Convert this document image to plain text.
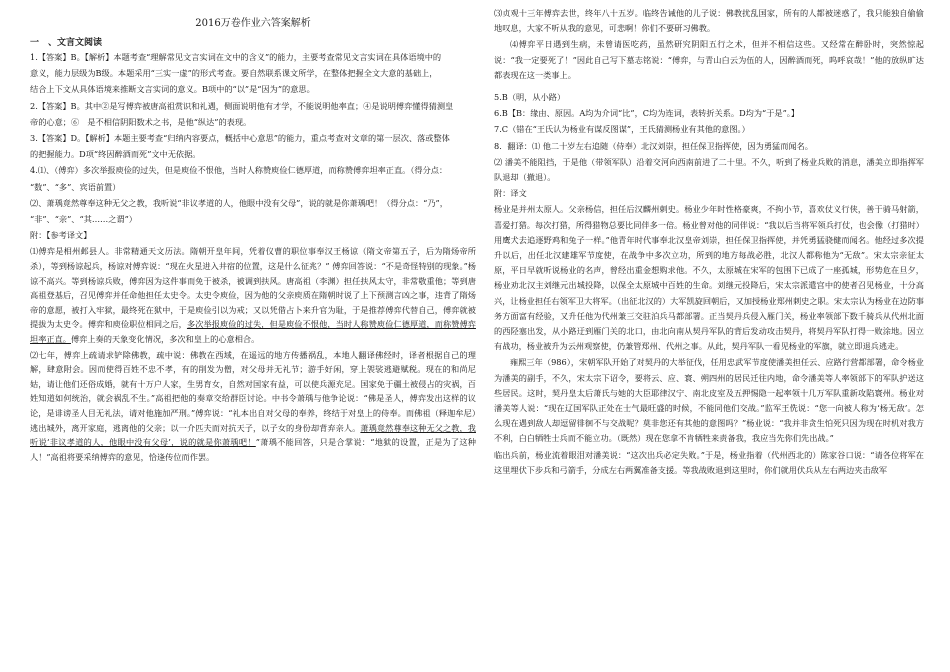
2016万卷作业六答案解析
一　、文言文阅读

1.【答案】B。【解析】本题考查“理解常见文言实词在文中的含义”的能力，主要考查常见文言实词在具体语境中的

意义，能力层级为B级。本题采用“三实一虚”的形式考查。要自然联系课文所学，在整体把握全文大意的基础上，

结合上下文从具体语境来推断文言实词的意义。B项中的“以”是“因为”的意思。

2.【答案】B。其中②是写傅弈被唐高祖赏识和礼遇，侧面说明他有才学，不能说明他率直；④是说明傅弈懂得猜测皇

帝的心意；⑥　是不相信阴阳数术之书，是他“纵达”的表现。

3.【答案】D。【解析】本题主要考查“归纳内容要点，概括中心意思”的能力，重点考查对文章的第一层次、落或整体

的把握能力。D项“终因醉酒而死”文中无依据。

4.⑴、（傅弈）多次举报庾俭的过失，但是庾俭不恨他，当时人称赞庾俭仁德厚道，而称赞傅弈坦率正直。（得分点：

“数”、“多”、宾语前置）

⑵、萧瑀竟然尊奉这种无父之教，我听说“非议孝道的人，他眼中没有父母”，说的就是你萧瑀吧！（得分点：“乃”，

“非”、“亲”、“其……之谓”）

附：【参考译文】

⑴傅弈是相州邺县人。非常精通天文历法。隋朝开皇年间，凭着仪曹的职位事奉汉王杨谅（隋文帝第五子，后为隋炀帝所杀），等到杨谅起兵，杨谅对傅弈说：“现在火星进入井宿的位置，这是什么征兆？” 傅弈回答说：“不是奇怪特别的现象。”杨谅不高兴。等到杨谅兵败，傅弈因为这件事而免于被杀，被调到扶风。唐高祖（李渊）担任扶风太守，非常敬重他；等到唐高祖登基后，召见傅弈并任命他担任太史令。太史令庾俭，因为他的父亲庾质在隋朝时说了上下预测言凶之事，违背了隋炀帝的意愿，被打入牢狱，最终死在狱中，于是庾俭引以为戒；又以凭借占卜来升官为耻，于是推荐傅弈代替自己，傅弈就被提拔为太史令。傅弈和庾俭职位相同之后，多次举报庾俭的过失，但是庾俭不恨他，当时人称赞庾俭仁德厚道，而称赞傅弈坦率正直。傅弈上奏的天象变化情况，多次和皇上的心意相合。

⑵七年，傅弈上疏请求铲除佛教，疏中说：佛教在西域，在遥远的地方传播祸乱，本地人翻译佛经时，译者根据自己的理解，肆意附会。因而使得百姓不忠不孝，有的削发为僧，对父母并无礼节；游手好闲，穿上袈裟逃避赋税。现在的和尚尼姑，请让他们还俗成婚，就有十万户人家，生男育女，自然对国家有益，可以使兵源充足。国家免于疆土被侵占的灾祸，百姓知道如何统治，就会祸乱不生。”高祖把他的奏章交给群臣讨论。中书令萧瑀与他争论说：“佛是圣人，傅弈发出这样的议论，是诽谤圣人目无礼法，请对他施加严刑。”傅弈说：“礼本出自对父母的奉养，终结于对皇上的侍奉。而佛祖（释迦牟尼）逃出城外，离开家庭，逃离他的父亲；以一介匹夫而对抗天子，以子女的身份却背弃亲人。萧瑀竟然尊奉这种无父之教，我听说‘非议孝道的人，他眼中没有父母’，说的就是你萧瑀吧！”萧瑀不能回答，只是合掌说：“地狱的设置，正是为了这种人！”高祖将要采纳傅弈的意见，恰逢传位而作罢。

⑶贞观十三年傅弈去世，终年八十五岁。临终告诫他的儿子说：佛教扰乱国家，所有的人都被迷惑了，我只能独自偷偷地叹息，大家不听从我的意见，可悲啊！你们不要研习佛教。

⑷傅弈平日遇到生病，未曾请医吃药，虽然研究阴阳五行之术，但并不相信这些。又经常在醉卧时，突然惊起说：“我一定要死了！”因此自己写下墓志铭说：“傅弈，与青山白云为伍的人，因醉酒而死，呜呼哀哉！”他的放纵旷达都表现在这一类事上。

5.B（明，从小路）

6.B【B：缘由、原因。A均为介词“比”，C均为连词，表转折关系。D均为“于是”。】

7.C（错在“王氏认为杨业有谋反图谋”，王氏猜测杨业有其他的意图。）

8．翻译：⑴ 他二十岁左右追随（侍奉）北汉刘崇，担任保卫指挥使，因为勇猛而闻名。

⑵ 潘美不能阻挡，于是他（带领军队）沿着交河向西南前进了二十里。不久，听到了杨业兵败的消息，潘美立即指挥军队退却（撤退）。

附：译文

杨业是并州太原人。父亲杨信，担任后汉麟州刺史。杨业少年时性格豪爽，不拘小节，喜欢仗义行侠，善于骑马射箭，喜爱打猎。每次打猎，所得猎物总要比同伴多一倍。杨业曾对他的同伴说：“我以后当将军领兵打仗，也会像（打猎时）用鹰犬去追逐野鸡和兔子一样。”他青年时代事奉北汉皇帝刘崇，担任保卫指挥使，并凭勇猛骁健而闻名。他经过多次提升以后，出任北汉建雄军节度使，在战争中多次立功，所到的地方每战必胜，北汉人都称他为“无敌”。宋太宗亲征太原，平日早就听说杨业的名声，曾经出重金想购求他。不久，太原城在宋军的包围下已成了一座孤城，形势危在旦夕，杨业劝北汉主刘继元出城投降，以保全太原城中百姓的生命。刘继元投降后，宋太宗派遣宫中的使者召见杨业，十分高兴，让杨业担任右领军卫大将军。（出征北汉的）大军凯旋回朝后，又加授杨业郑州刺史之职。宋太宗认为杨业在边防事务方面富有经验，又升任他为代州兼三交驻泊兵马都部署。正当契丹兵侵入雁门关，杨业率领部下数千骑兵从代州北面的西陉塞出发，从小路迂到雁门关的北口，由北向南从契丹军队的背后发动攻击契丹，将契丹军队打得一败涂地。因立有战功，杨业被升为云州观察使，仍兼管郑州、代州之事。从此，契丹军队一看见杨业的军旗，就立即退兵逃走。

雍熙三年（986），宋朝军队开始了对契丹的大举征伐，任用忠武军节度使潘美担任云、应路行营都部署，命令杨业为潘美的副手，不久，宋太宗下诏令，要将云、应、寰、朔四州的居民迁往内地，命令潘美等人率领部下的军队护送这些居民。这时，契丹皇太后萧氏与她的大臣耶律汉宁、南北皮室及五押惕隐一起率领十几万军队重新攻陷寰州。杨业对潘美等人说：“现在辽国军队正处在士气最旺盛的时候，不能同他们交战。”监军王侁说：“您一向被人称为‘杨无敌’。怎么现在遇到敌人却逗留徘徊不与交战呢？莫非您还有其他的意图吗？”杨业说：“我并非贪生怕死只因为现在时机对我方不利，白白牺牲士兵而不能立功。（既然）现在您拿不肯牺牲来责备我，我应当先你们先出战。”

临出兵前，杨业流着眼泪对潘美说：“这次出兵必定失败。”于是，杨业指着（代州西北的）陈家谷口说：“请各位将军在这里埋伏下步兵和弓箭手，分成左右两翼准备支援。等我战败退到这里时，你们就用伏兵从左右两边夹击敌军
